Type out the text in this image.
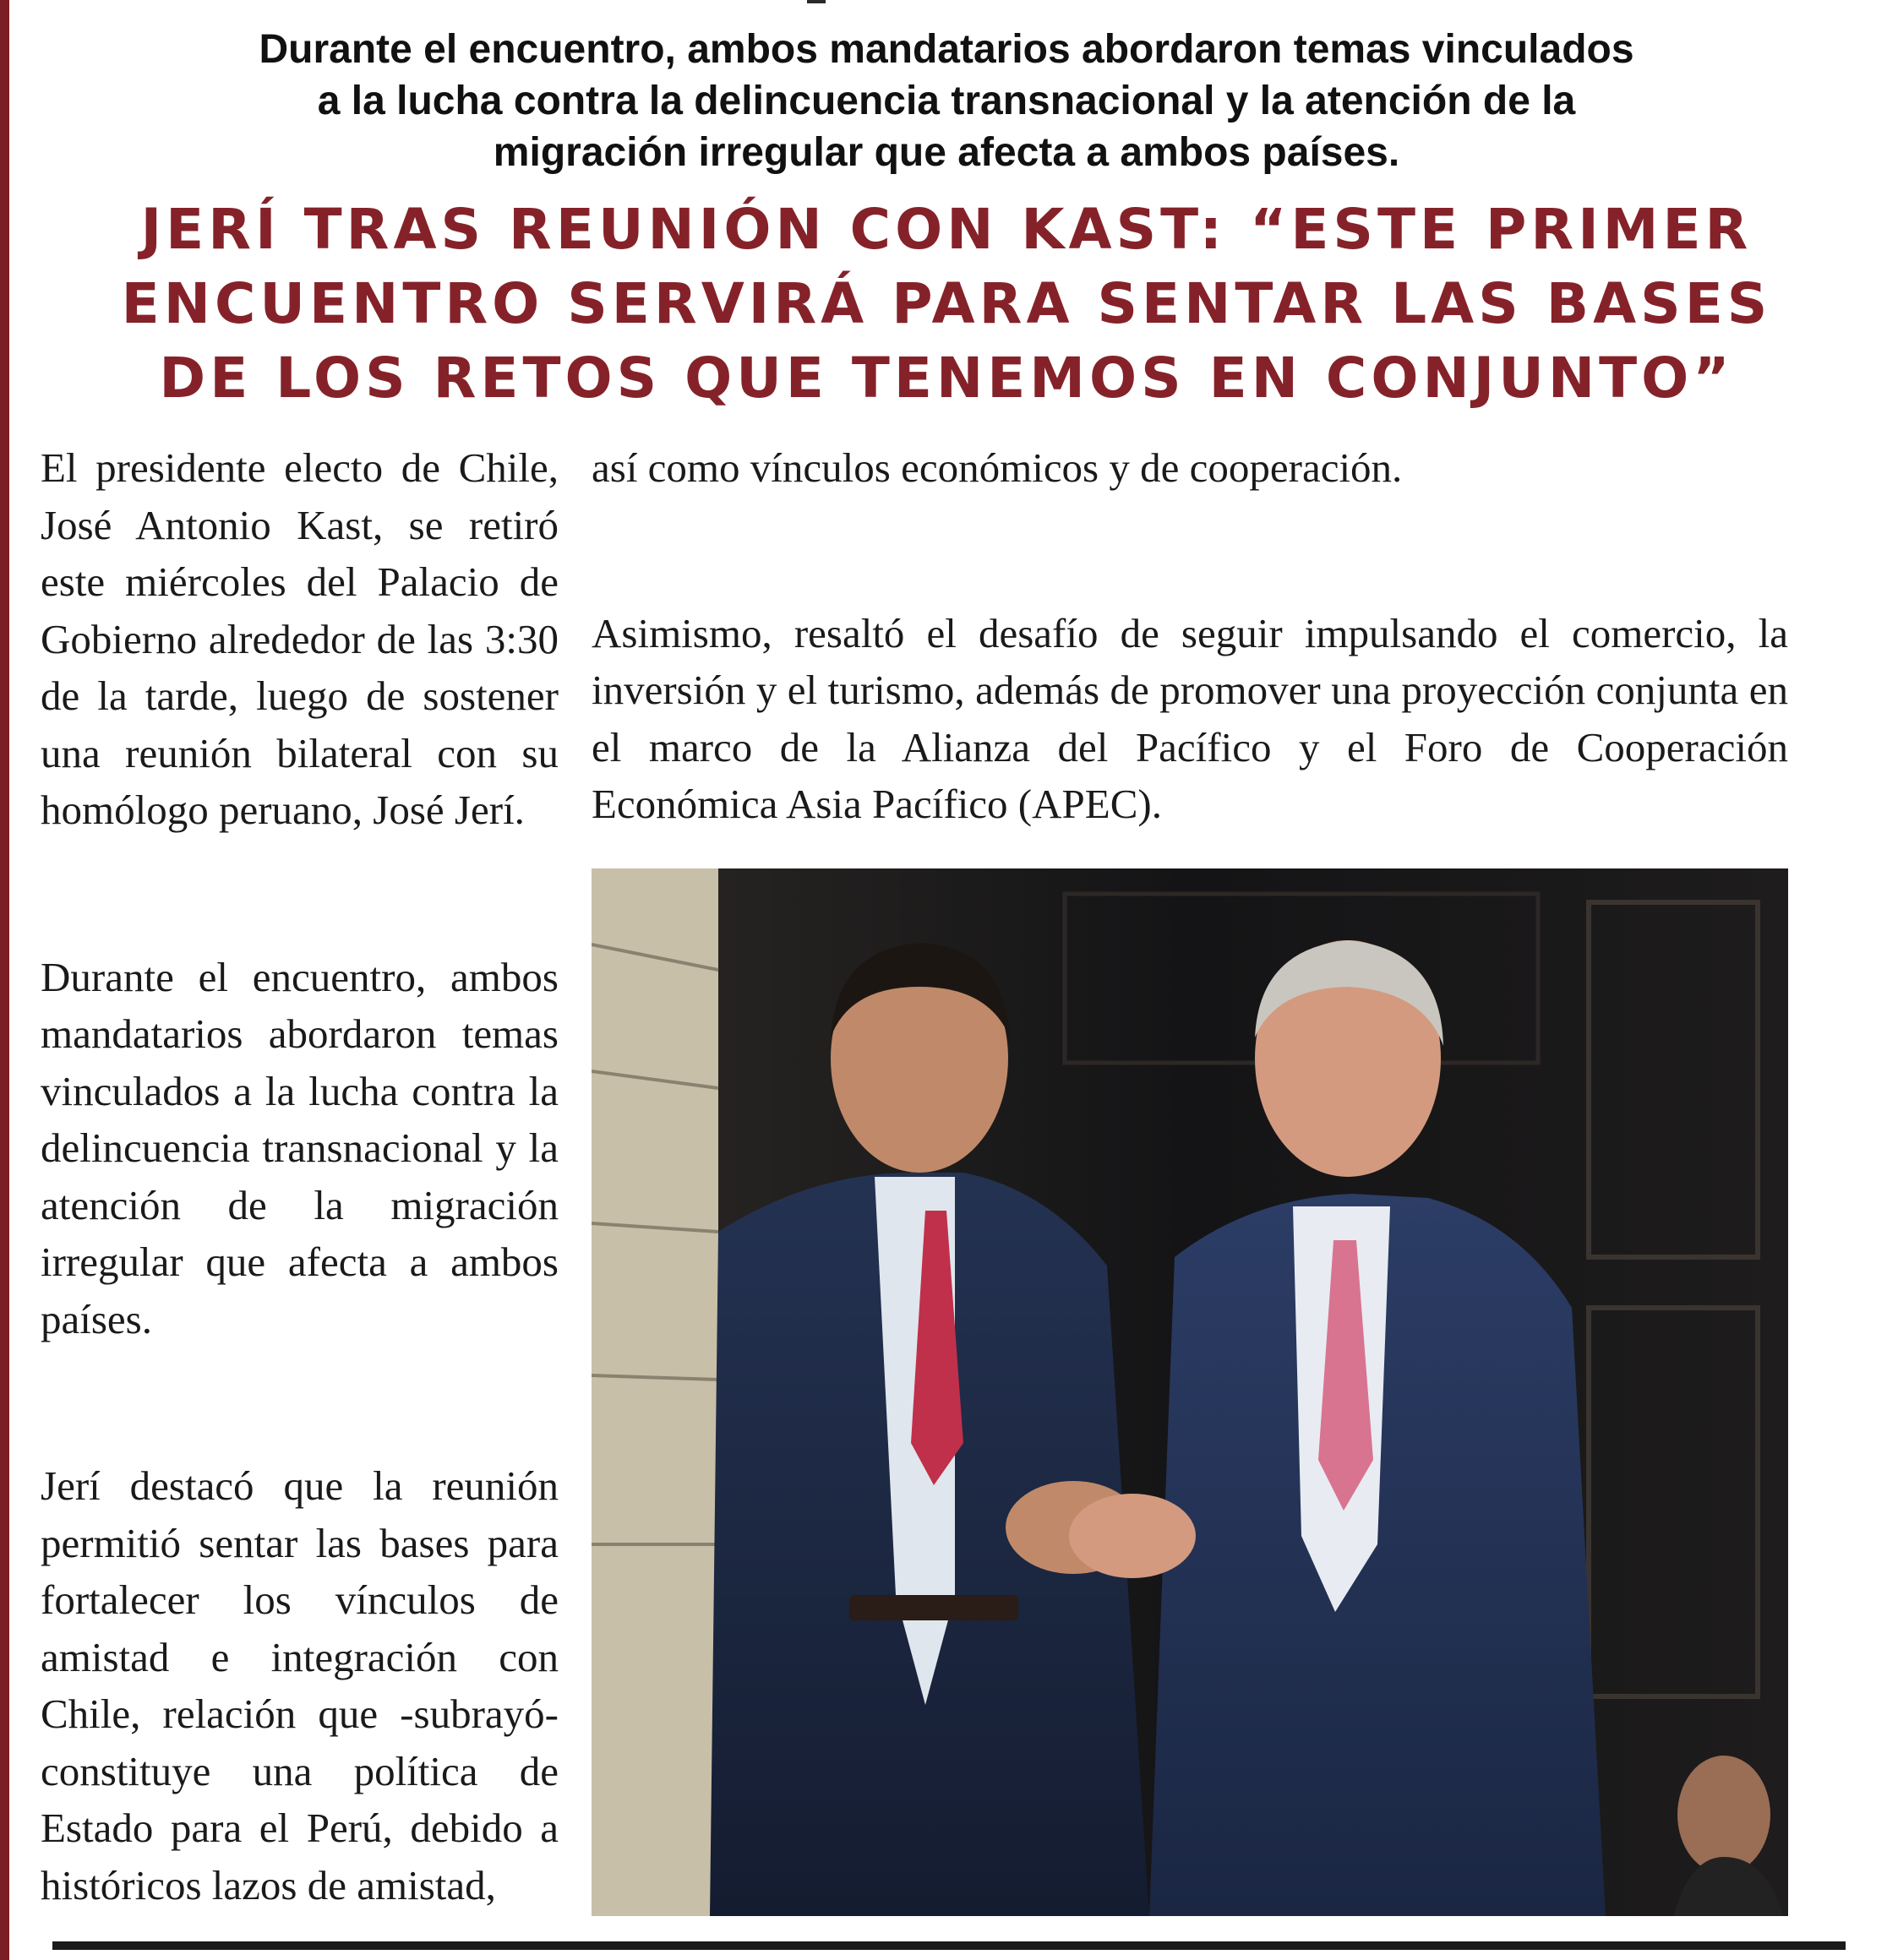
Durante el encuentro, ambos mandatarios abordaron temas vinculados
a la lucha contra la delincuencia transnacional y la atención de la
migración irregular que afecta a ambos países.
JERÍ TRAS REUNIÓN CON KAST: “ESTE PRIMER
ENCUENTRO SERVIRÁ PARA SENTAR LAS BASES
DE LOS RETOS QUE TENEMOS EN CONJUNTO”

El presidente electo de Chile, José Antonio Kast, se retiró este miércoles del Palacio de Gobierno alrededor de las 3:30 de la tarde, luego de sostener una reunión bilateral con su homólogo peruano, José Jerí.

Durante el encuentro, ambos mandatarios abordaron temas vinculados a la lucha contra la delincuencia transnacional y la atención de la migración irregular que afecta a ambos países.

Jerí destacó que la reunión permitió sentar las bases para fortalecer los vínculos de amistad e integración con Chile, relación que -subrayó- constituye una política de Estado para el Perú, debido a históricos lazos de amistad,

así como vínculos económicos y de cooperación.

Asimismo, resaltó el desafío de seguir impulsando el comercio, la inversión y el turismo, además de promover una proyección conjunta en el marco de la Alianza del Pacífico y el Foro de Cooperación Económica Asia Pacífico (APEC).
